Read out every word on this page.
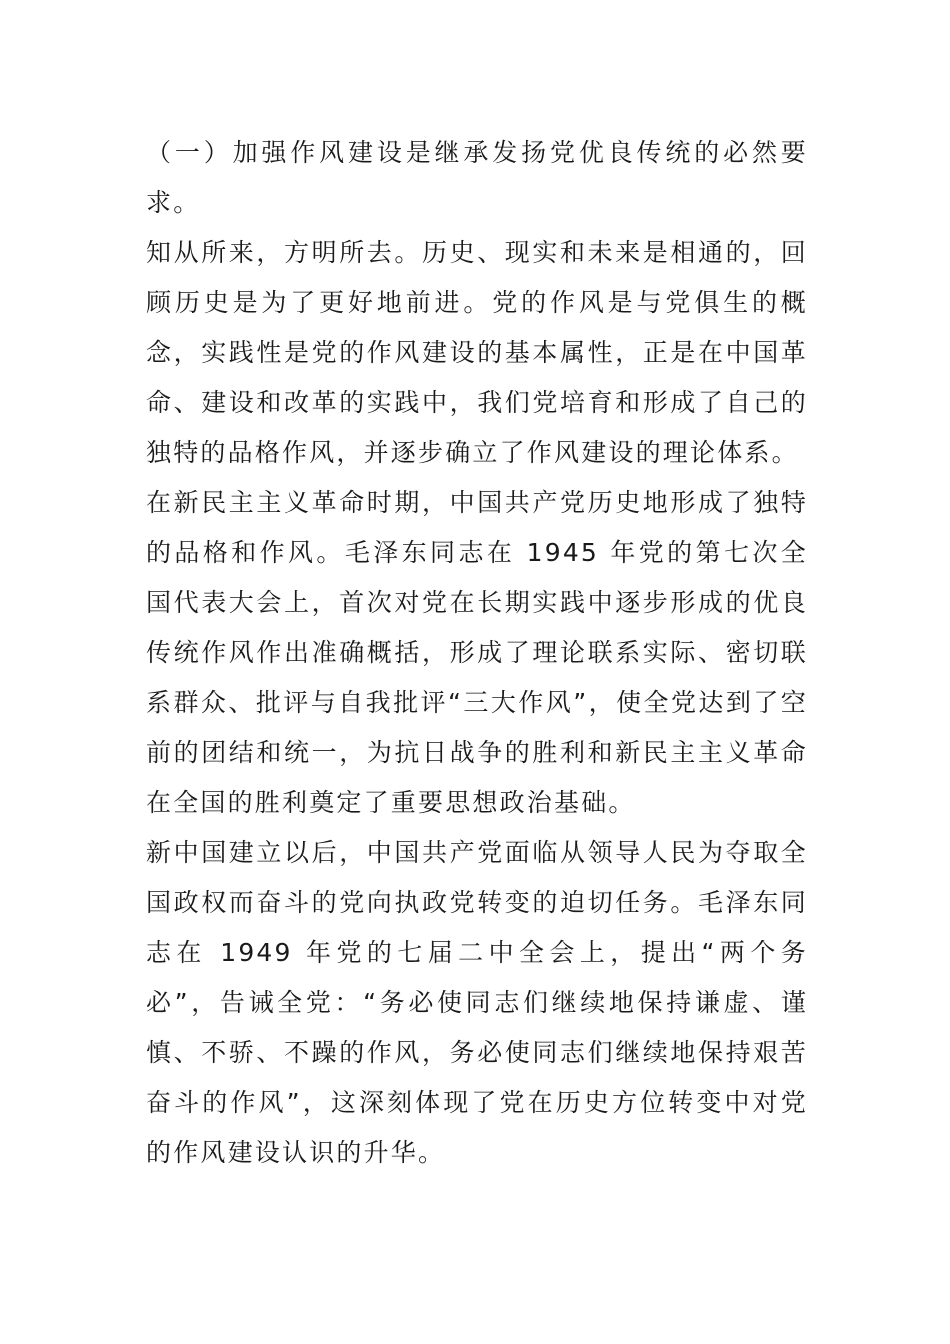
（一）加强作风建设是继承发扬党优良传统的必然要求。

知从所来，方明所去。历史、现实和未来是相通的，回顾历史是为了更好地前进。党的作风是与党俱生的概念，实践性是党的作风建设的基本属性，正是在中国革命、建设和改革的实践中，我们党培育和形成了自己的独特的品格作风，并逐步确立了作风建设的理论体系。

在新民主主义革命时期，中国共产党历史地形成了独特的品格和作风。毛泽东同志在 1945 年党的第七次全国代表大会上，首次对党在长期实践中逐步形成的优良传统作风作出准确概括，形成了理论联系实际、密切联系群众、批评与自我批评“三大作风”，使全党达到了空前的团结和统一，为抗日战争的胜利和新民主主义革命在全国的胜利奠定了重要思想政治基础。

新中国建立以后，中国共产党面临从领导人民为夺取全国政权而奋斗的党向执政党转变的迫切任务。毛泽东同志在 1949 年党的七届二中全会上，提出“两个务必”，告诫全党：“务必使同志们继续地保持谦虚、谨慎、不骄、不躁的作风，务必使同志们继续地保持艰苦奋斗的作风”，这深刻体现了党在历史方位转变中对党的作风建设认识的升华。
